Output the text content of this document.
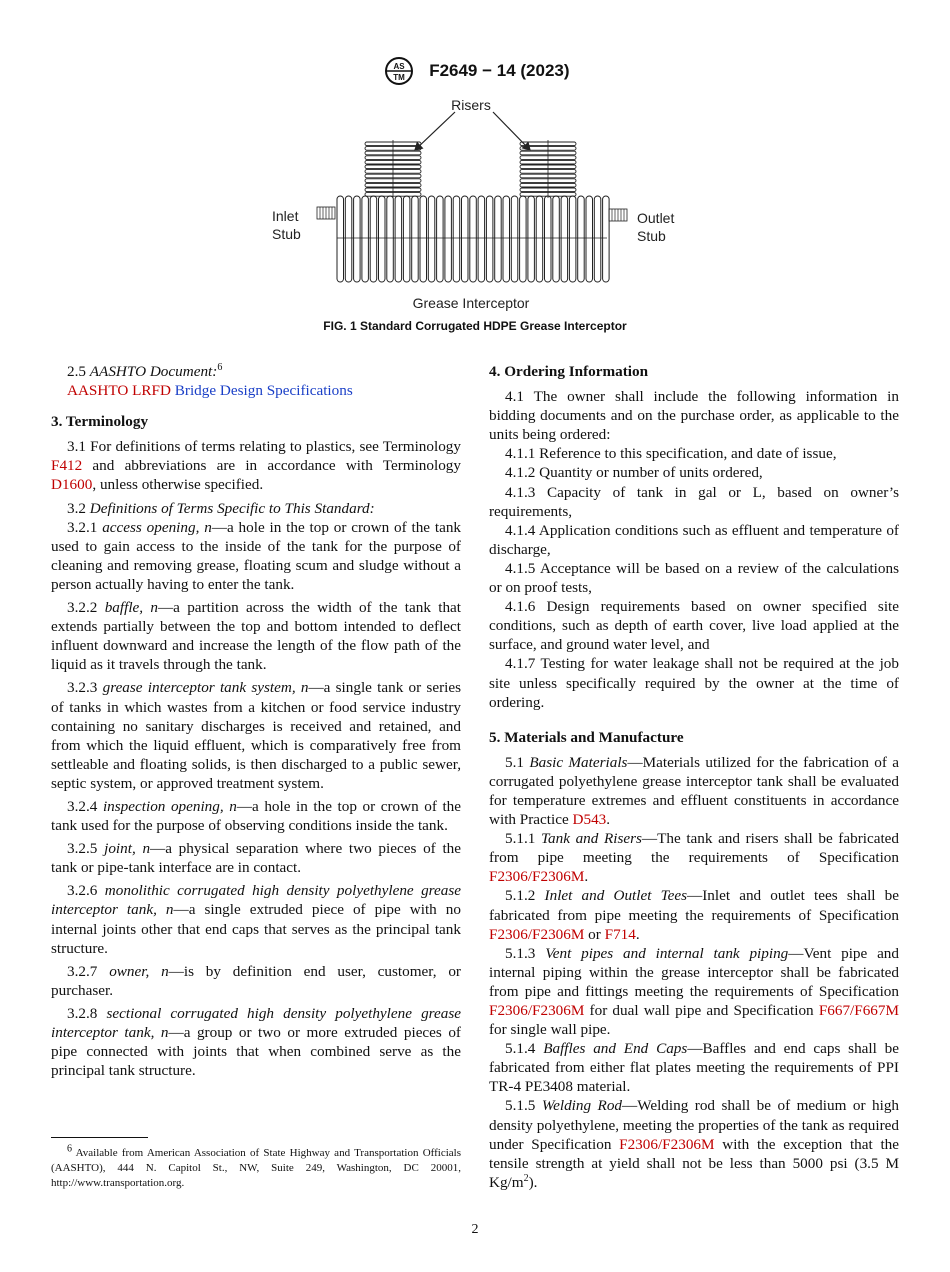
AS
TM F2649 − 14 (2023)
Risers
Inlet
Stub
Outlet
Stub
Grease Interceptor
FIG. 1 Standard Corrugated HDPE Grease Interceptor

2.5 AASHTO Document:$^6$

AASHTO LRFD Bridge Design Specifications

3. Terminology

3.1 For definitions of terms relating to plastics, see Terminology F412 and abbreviations are in accordance with Terminology D1600, unless otherwise specified.

3.2 Definitions of Terms Specific to This Standard:

3.2.1 access opening, n—a hole in the top or crown of the tank used to gain access to the inside of the tank for the purpose of cleaning and removing grease, floating scum and sludge without a person actually having to enter the tank.

3.2.2 baffle, n—a partition across the width of the tank that extends partially between the top and bottom intended to deflect influent downward and increase the length of the flow path of the liquid as it travels through the tank.

3.2.3 grease interceptor tank system, n—a single tank or series of tanks in which wastes from a kitchen or food service industry containing no sanitary discharges is received and retained, and from which the liquid effluent, which is comparatively free from settleable and floating solids, is then discharged to a public sewer, septic system, or approved treatment system.

3.2.4 inspection opening, n—a hole in the top or crown of the tank used for the purpose of observing conditions inside the tank.

3.2.5 joint, n—a physical separation where two pieces of the tank or pipe-tank interface are in contact.

3.2.6 monolithic corrugated high density polyethylene grease interceptor tank, n—a single extruded piece of pipe with no internal joints other that end caps that serves as the principal tank structure.

3.2.7 owner, n—is by definition end user, customer, or purchaser.

3.2.8 sectional corrugated high density polyethylene grease interceptor tank, n—a group or two or more extruded pieces of pipe connected with joints that when combined serve as the principal tank structure.

$^6$ Available from American Association of State Highway and Transportation Officials (AASHTO), 444 N. Capitol St., NW, Suite 249, Washington, DC 20001, http://www.transportation.org.
4. Ordering Information

4.1 The owner shall include the following information in bidding documents and on the purchase order, as applicable to the units being ordered:

4.1.1 Reference to this specification, and date of issue,

4.1.2 Quantity or number of units ordered,

4.1.3 Capacity of tank in gal or L, based on owner’s requirements,

4.1.4 Application conditions such as effluent and temperature of discharge,

4.1.5 Acceptance will be based on a review of the calculations or on proof tests,

4.1.6 Design requirements based on owner specified site conditions, such as depth of earth cover, live load applied at the surface, and ground water level, and

4.1.7 Testing for water leakage shall not be required at the job site unless specifically required by the owner at the time of ordering.

5. Materials and Manufacture

5.1 Basic Materials—Materials utilized for the fabrication of a corrugated polyethylene grease interceptor tank shall be evaluated for temperature extremes and effluent constituents in accordance with Practice D543.

5.1.1 Tank and Risers—The tank and risers shall be fabricated from pipe meeting the requirements of Specification F2306/F2306M.

5.1.2 Inlet and Outlet Tees—Inlet and outlet tees shall be fabricated from pipe meeting the requirements of Specification F2306/F2306M or F714.

5.1.3 Vent pipes and internal tank piping—Vent pipe and internal piping within the grease interceptor shall be fabricated from pipe and fittings meeting the requirements of Specification F2306/F2306M for dual wall pipe and Specification F667/F667M for single wall pipe.

5.1.4 Baffles and End Caps—Baffles and end caps shall be fabricated from either flat plates meeting the requirements of PPI TR-4 PE3408 material.

5.1.5 Welding Rod—Welding rod shall be of medium or high density polyethylene, meeting the properties of the tank as required under Specification F2306/F2306M with the exception that the tensile strength at yield shall not be less than 5000 psi (3.5 M $Kg/m^2$).

2
